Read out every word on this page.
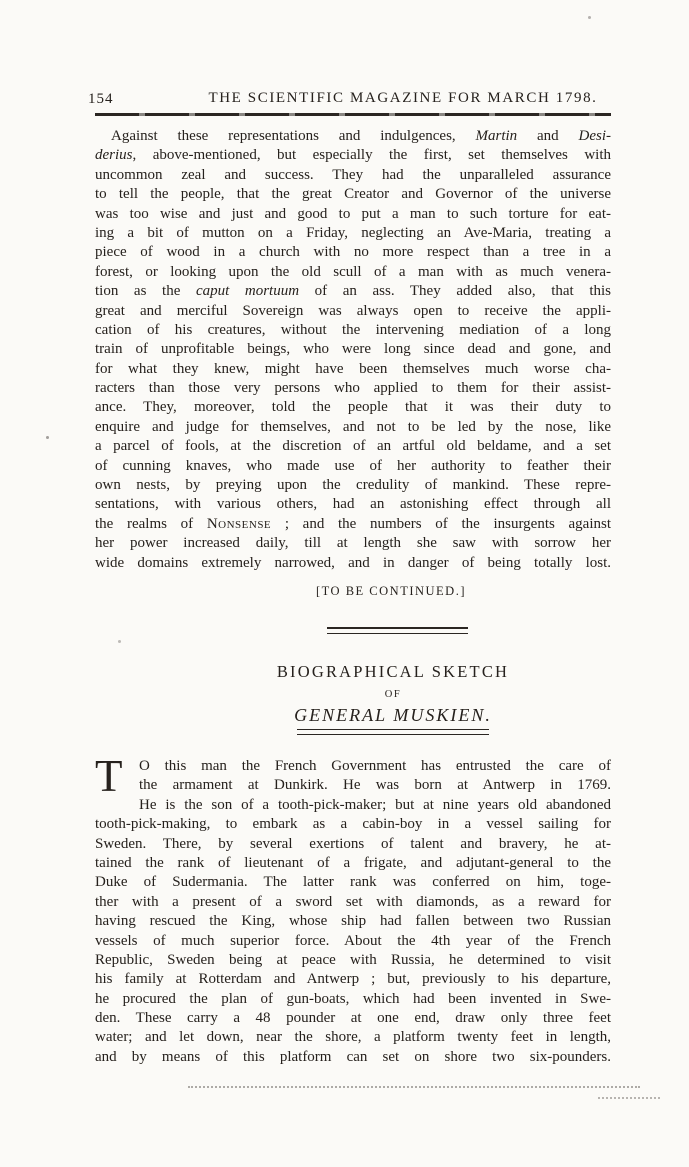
154	THE SCIENTIFIC MAGAZINE FOR MARCH 1798.
Against these representations and indulgences, Martin and Desi-
derius, above-mentioned, but especially the first, set themselves with
uncommon zeal and success. They had the unparalleled assurance
to tell the people, that the great Creator and Governor of the universe
was too wise and just and good to put a man to such torture for eat-
ing a bit of mutton on a Friday, neglecting an Ave-Maria, treating a
piece of wood in a church with no more respect than a tree in a
forest, or looking upon the old scull of a man with as much venera-
tion as the caput mortuum of an ass. They added also, that this
great and merciful Sovereign was always open to receive the appli-
cation of his creatures, without the intervening mediation of a long
train of unprofitable beings, who were long since dead and gone, and
for what they knew, might have been themselves much worse cha-
racters than those very persons who applied to them for their assist-
ance. They, moreover, told the people that it was their duty to
enquire and judge for themselves, and not to be led by the nose, like
a parcel of fools, at the discretion of an artful old beldame, and a set
of cunning knaves, who made use of her authority to feather their
own nests, by preying upon the credulity of mankind. These repre-
sentations, with various others, had an astonishing effect through all
the realms of Nonsense ; and the numbers of the insurgents against
her power increased daily, till at length she saw with sorrow her
wide domains extremely narrowed, and in danger of being totally lost.
[TO BE CONTINUED.]
BIOGRAPHICAL SKETCH
OF
GENERAL MUSKIEN.
T	O this man the French Government has entrusted the care of
the armament at Dunkirk. He was born at Antwerp in 1769.
He is the son of a tooth-pick-maker; but at nine years old abandoned
tooth-pick-making, to embark as a cabin-boy in a vessel sailing for
Sweden. There, by several exertions of talent and bravery, he at-
tained the rank of lieutenant of a frigate, and adjutant-general to the
Duke of Sudermania. The latter rank was conferred on him, toge-
ther with a present of a sword set with diamonds, as a reward for
having rescued the King, whose ship had fallen between two Russian
vessels of much superior force. About the 4th year of the French
Republic, Sweden being at peace with Russia, he determined to visit
his family at Rotterdam and Antwerp ; but, previously to his departure,
he procured the plan of gun-boats, which had been invented in Swe-
den. These carry a 48 pounder at one end, draw only three feet
water; and let down, near the shore, a platform twenty feet in length,
and by means of this platform can set on shore two six-pounders.
